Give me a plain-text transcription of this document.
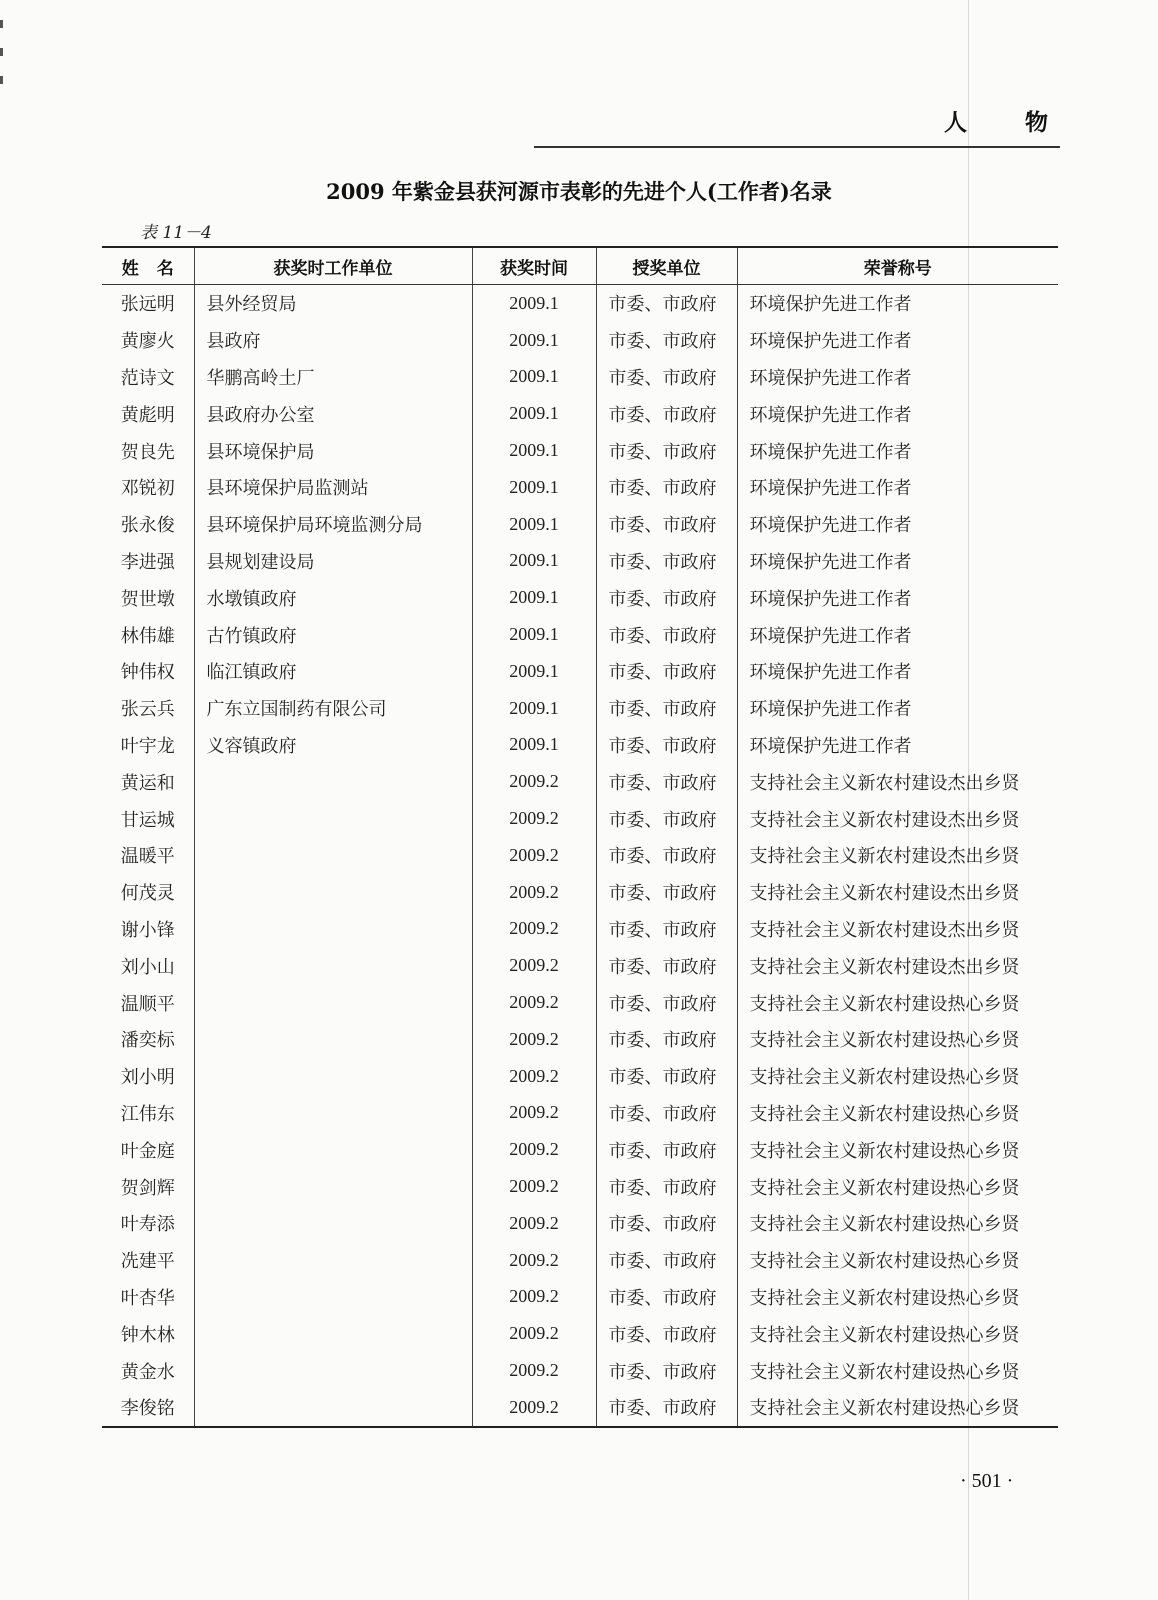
人 物
2009 年紫金县获河源市表彰的先进个人(工作者)名录
表 11－4
姓名	获奖时工作单位	获奖时间	授奖单位	荣誉称号
张远明	县外经贸局	2009.1	市委、市政府	环境保护先进工作者
黄廖火	县政府	2009.1	市委、市政府	环境保护先进工作者
范诗文	华鹏高岭土厂	2009.1	市委、市政府	环境保护先进工作者
黄彪明	县政府办公室	2009.1	市委、市政府	环境保护先进工作者
贺良先	县环境保护局	2009.1	市委、市政府	环境保护先进工作者
邓锐初	县环境保护局监测站	2009.1	市委、市政府	环境保护先进工作者
张永俊	县环境保护局环境监测分局	2009.1	市委、市政府	环境保护先进工作者
李进强	县规划建设局	2009.1	市委、市政府	环境保护先进工作者
贺世墩	水墩镇政府	2009.1	市委、市政府	环境保护先进工作者
林伟雄	古竹镇政府	2009.1	市委、市政府	环境保护先进工作者
钟伟权	临江镇政府	2009.1	市委、市政府	环境保护先进工作者
张云兵	广东立国制药有限公司	2009.1	市委、市政府	环境保护先进工作者
叶宇龙	义容镇政府	2009.1	市委、市政府	环境保护先进工作者
黄运和		2009.2	市委、市政府	支持社会主义新农村建设杰出乡贤
甘运城		2009.2	市委、市政府	支持社会主义新农村建设杰出乡贤
温暖平		2009.2	市委、市政府	支持社会主义新农村建设杰出乡贤
何茂灵		2009.2	市委、市政府	支持社会主义新农村建设杰出乡贤
谢小锋		2009.2	市委、市政府	支持社会主义新农村建设杰出乡贤
刘小山		2009.2	市委、市政府	支持社会主义新农村建设杰出乡贤
温顺平		2009.2	市委、市政府	支持社会主义新农村建设热心乡贤
潘奕标		2009.2	市委、市政府	支持社会主义新农村建设热心乡贤
刘小明		2009.2	市委、市政府	支持社会主义新农村建设热心乡贤
江伟东		2009.2	市委、市政府	支持社会主义新农村建设热心乡贤
叶金庭		2009.2	市委、市政府	支持社会主义新农村建设热心乡贤
贺剑辉		2009.2	市委、市政府	支持社会主义新农村建设热心乡贤
叶寿添		2009.2	市委、市政府	支持社会主义新农村建设热心乡贤
冼建平		2009.2	市委、市政府	支持社会主义新农村建设热心乡贤
叶杏华		2009.2	市委、市政府	支持社会主义新农村建设热心乡贤
钟木林		2009.2	市委、市政府	支持社会主义新农村建设热心乡贤
黄金水		2009.2	市委、市政府	支持社会主义新农村建设热心乡贤
李俊铭		2009.2	市委、市政府	支持社会主义新农村建设热心乡贤
· 501 ·
